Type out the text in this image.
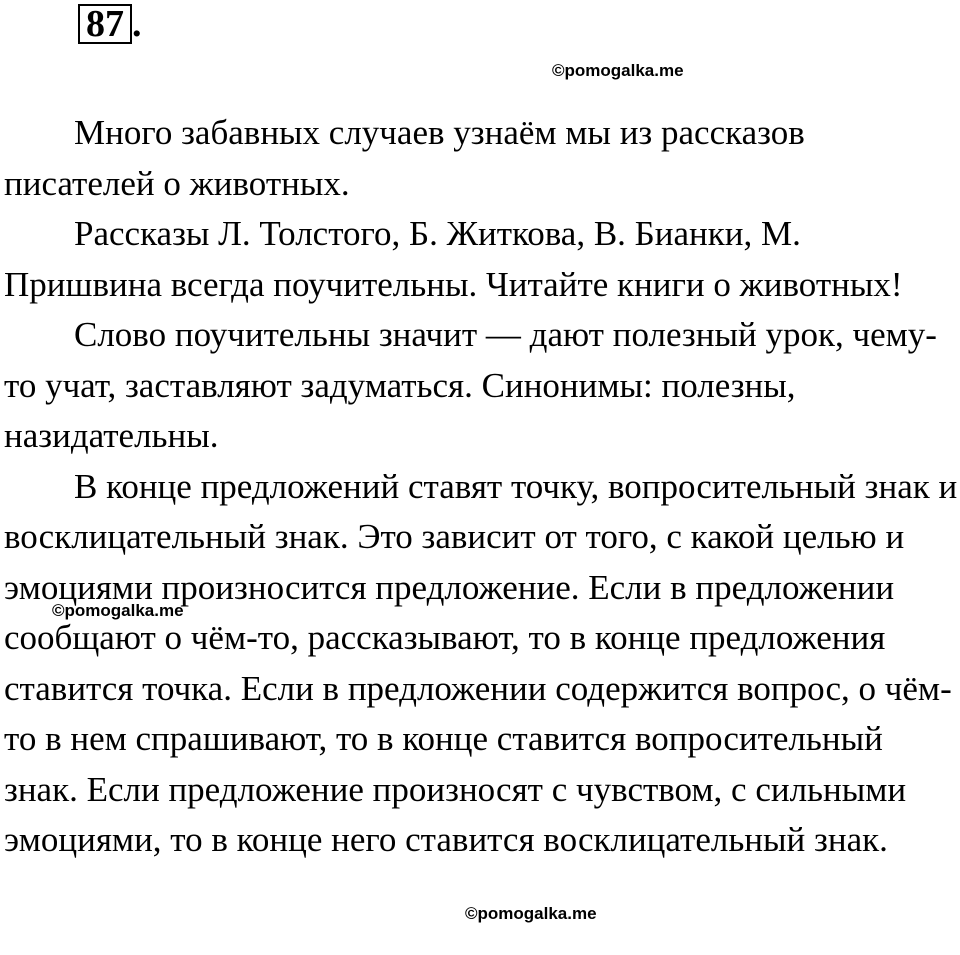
87 .
©pomogalka.me

Много забавных случаев узнаём мы из рассказов писателей о животных.

Рассказы Л. Толстого, Б. Житкова, В. Бианки, М. Пришвина всегда поучительны. Читайте книги о животных!

Слово поучительны значит — дают полезный урок, чему-то учат, заставляют задуматься. Синонимы: полезны, назидательны.

В конце предложений ставят точку, вопросительный знак и восклицательный знак. Это зависит от того, с какой целью и эмоциями произносится предложение. Если в предложении сообщают о чём-то, рассказывают, то в конце предложения ставится точка. Если в предложении содержится вопрос, о чём-то в нем спрашивают, то в конце ставится вопросительный знак. Если предложение произносят с чувством, с сильными эмоциями, то в конце него ставится восклицательный знак.

©pomogalka.me
©pomogalka.me
